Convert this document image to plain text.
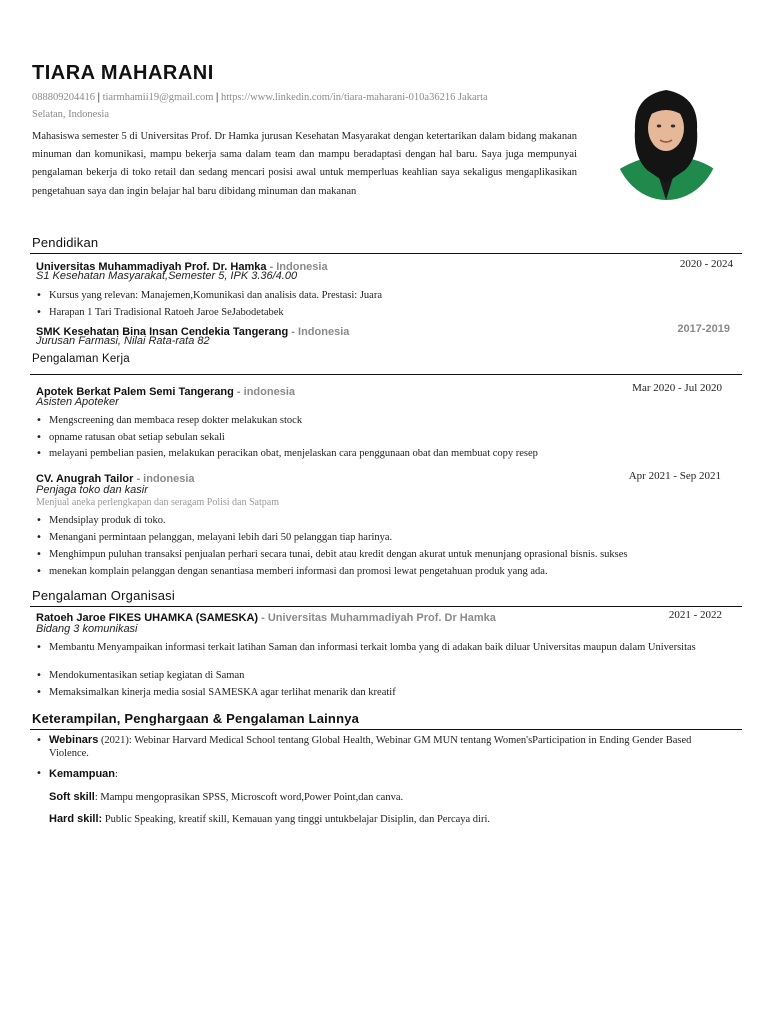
TIARA MAHARANI
088809204416 | tiarmhamii19@gmail.com | https://www.linkedin.com/in/tiara-maharani-010a36216 Jakarta
Selatan, Indonesia
Mahasiswa semester 5 di Universitas Prof. Dr Hamka jurusan Kesehatan Masyarakat dengan ketertarikan dalam bidang makanan minuman dan komunikasi, mampu bekerja sama dalam team dan mampu beradaptasi dengan hal baru. Saya juga mempunyai pengalaman bekerja di toko retail dan sedang mencari posisi awal untuk memperluas keahlian saya sekaligus mengaplikasikan pengetahuan saya dan ingin belajar hal baru dibidang minuman dan makanan
Pendidikan
Universitas Muhammadiyah Prof. Dr. Hamka - Indonesia	2020 - 2024
S1 Kesehatan Masyarakat,Semester 5, IPK 3.36/4.00
• Kursus yang relevan: Manajemen,Komunikasi dan analisis data. Prestasi: Juara
• Harapan 1 Tari Tradisional Ratoeh Jaroe SeJabodetabek
SMK Kesehatan Bina Insan Cendekia Tangerang - Indonesia	2017-2019
Jurusan Farmasi, Nilai Rata-rata 82
Pengalaman Kerja
Apotek Berkat Palem Semi Tangerang - indonesia	Mar 2020 - Jul 2020
Asisten Apoteker
• Mengscreening dan membaca resep dokter melakukan stock
• opname ratusan obat setiap sebulan sekali
• melayani pembelian pasien, melakukan peracikan obat, menjelaskan cara penggunaan obat dan membuat copy resep
CV. Anugrah Tailor - indonesia	Apr 2021 - Sep 2021
Penjaga toko dan kasir
Menjual aneka perlengkapan dan seragam Polisi dan Satpam
• Mendsiplay produk di toko.
• Menangani permintaan pelanggan, melayani lebih dari 50 pelanggan tiap harinya.
• Menghimpun puluhan transaksi penjualan perhari secara tunai, debit atau kredit dengan akurat untuk menunjang oprasional bisnis. sukses
• menekan komplain pelanggan dengan senantiasa memberi informasi dan promosi lewat pengetahuan produk yang ada.
Pengalaman Organisasi
Ratoeh Jaroe FIKES UHAMKA (SAMESKA) - Universitas Muhammadiyah Prof. Dr Hamka	2021 - 2022
Bidang 3 komunikasi
• Membantu Menyampaikan informasi terkait latihan Saman dan informasi terkait lomba yang di adakan baik diluar Universitas maupun dalam Universitas
• Mendokumentasikan setiap kegiatan di Saman
• Memaksimalkan kinerja media sosial SAMESKA agar terlihat menarik dan kreatif
Keterampilan, Penghargaan & Pengalaman Lainnya
• Webinars (2021): Webinar Harvard Medical School tentang Global Health, Webinar GM MUN tentang Women'sParticipation in Ending Gender Based Violence.
• Kemampuan:
Soft skill: Mampu mengoprasikan SPSS, Microscoft word,Power Point,dan canva.
Hard skill: Public Speaking, kreatif skill, Kemauan yang tinggi untukbelajar Disiplin, dan Percaya diri.
